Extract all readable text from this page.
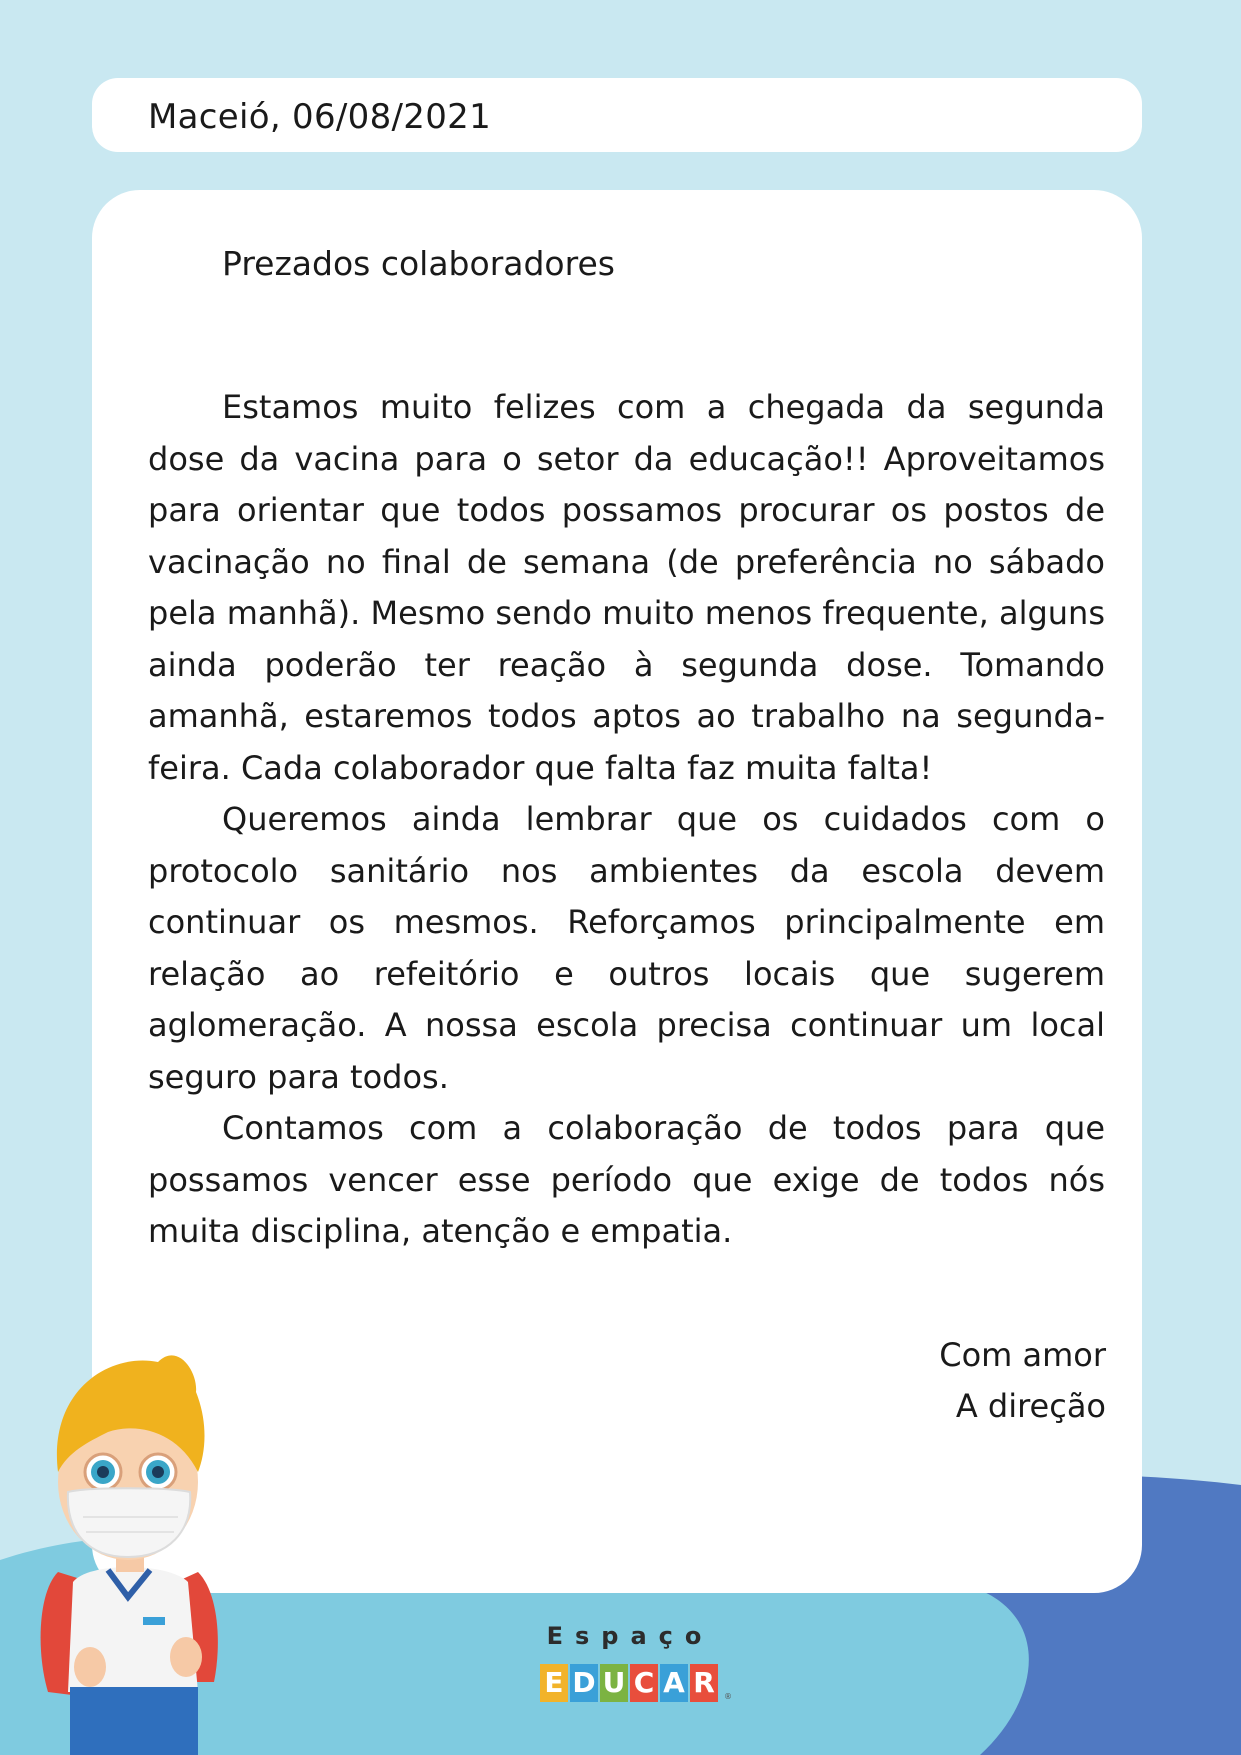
Maceió, 06/08/2021
Prezados colaboradores

Estamos muito felizes com a chegada da segunda dose da vacina para o setor da educação!! Aproveitamos para orientar que todos possamos procurar os postos de vacinação no final de semana (de preferência no sábado pela manhã). Mesmo sendo muito menos frequente, alguns ainda poderão ter reação à segunda dose. Tomando amanhã, estaremos todos aptos ao trabalho na segunda-feira. Cada colaborador que falta faz muita falta!

Queremos ainda lembrar que os cuidados com o protocolo sanitário nos ambientes da escola devem continuar os mesmos. Reforçamos principalmente em relação ao refeitório e outros locais que sugerem aglomeração. A nossa escola precisa continuar um local seguro para todos.

Contamos com a colaboração de todos para que possamos vencer esse período que exige de todos nós muita disciplina, atenção e empatia.

Com amor
A direção
Espaço
E D U C A R	®
